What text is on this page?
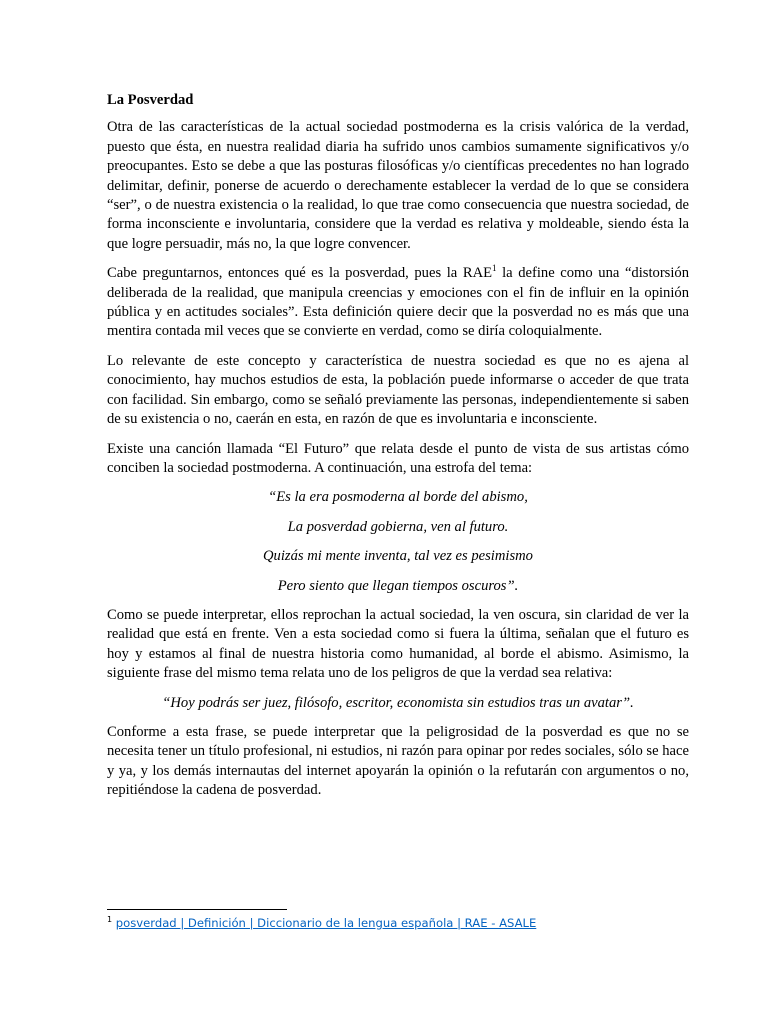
La Posverdad

Otra de las características de la actual sociedad postmoderna es la crisis valórica de la verdad, puesto que ésta, en nuestra realidad diaria ha sufrido unos cambios sumamente significativos y/o preocupantes. Esto se debe a que las posturas filosóficas y/o científicas precedentes no han logrado delimitar, definir, ponerse de acuerdo o derechamente establecer la verdad de lo que se considera “ser”, o de nuestra existencia o la realidad, lo que trae como consecuencia que nuestra sociedad, de forma inconsciente e involuntaria, considere que la verdad es relativa y moldeable, siendo ésta la que logre persuadir, más no, la que logre convencer.

Cabe preguntarnos, entonces qué es la posverdad, pues la RAE$^1$ la define como una “distorsión deliberada de la realidad, que manipula creencias y emociones con el fin de influir en la opinión pública y en actitudes sociales”. Esta definición quiere decir que la posverdad no es más que una mentira contada mil veces que se convierte en verdad, como se diría coloquialmente.

Lo relevante de este concepto y característica de nuestra sociedad es que no es ajena al conocimiento, hay muchos estudios de esta, la población puede informarse o acceder de que trata con facilidad. Sin embargo, como se señaló previamente las personas, independientemente si saben de su existencia o no, caerán en esta, en razón de que es involuntaria e inconsciente.

Existe una canción llamada “El Futuro” que relata desde el punto de vista de sus artistas cómo conciben la sociedad postmoderna. A continuación, una estrofa del tema:

“Es la era posmoderna al borde del abismo,

La posverdad gobierna, ven al futuro.

Quizás mi mente inventa, tal vez es pesimismo

Pero siento que llegan tiempos oscuros”.

Como se puede interpretar, ellos reprochan la actual sociedad, la ven oscura, sin claridad de ver la realidad que está en frente. Ven a esta sociedad como si fuera la última, señalan que el futuro es hoy y estamos al final de nuestra historia como humanidad, al borde el abismo. Asimismo, la siguiente frase del mismo tema relata uno de los peligros de que la verdad sea relativa:

“Hoy podrás ser juez, filósofo, escritor, economista sin estudios tras un avatar”.

Conforme a esta frase, se puede interpretar que la peligrosidad de la posverdad es que no se necesita tener un título profesional, ni estudios, ni razón para opinar por redes sociales, sólo se hace y ya, y los demás internautas del internet apoyarán la opinión o la refutarán con argumentos o no, repitiéndose la cadena de posverdad.

$^1$ posverdad | Definición | Diccionario de la lengua española | RAE - ASALE
